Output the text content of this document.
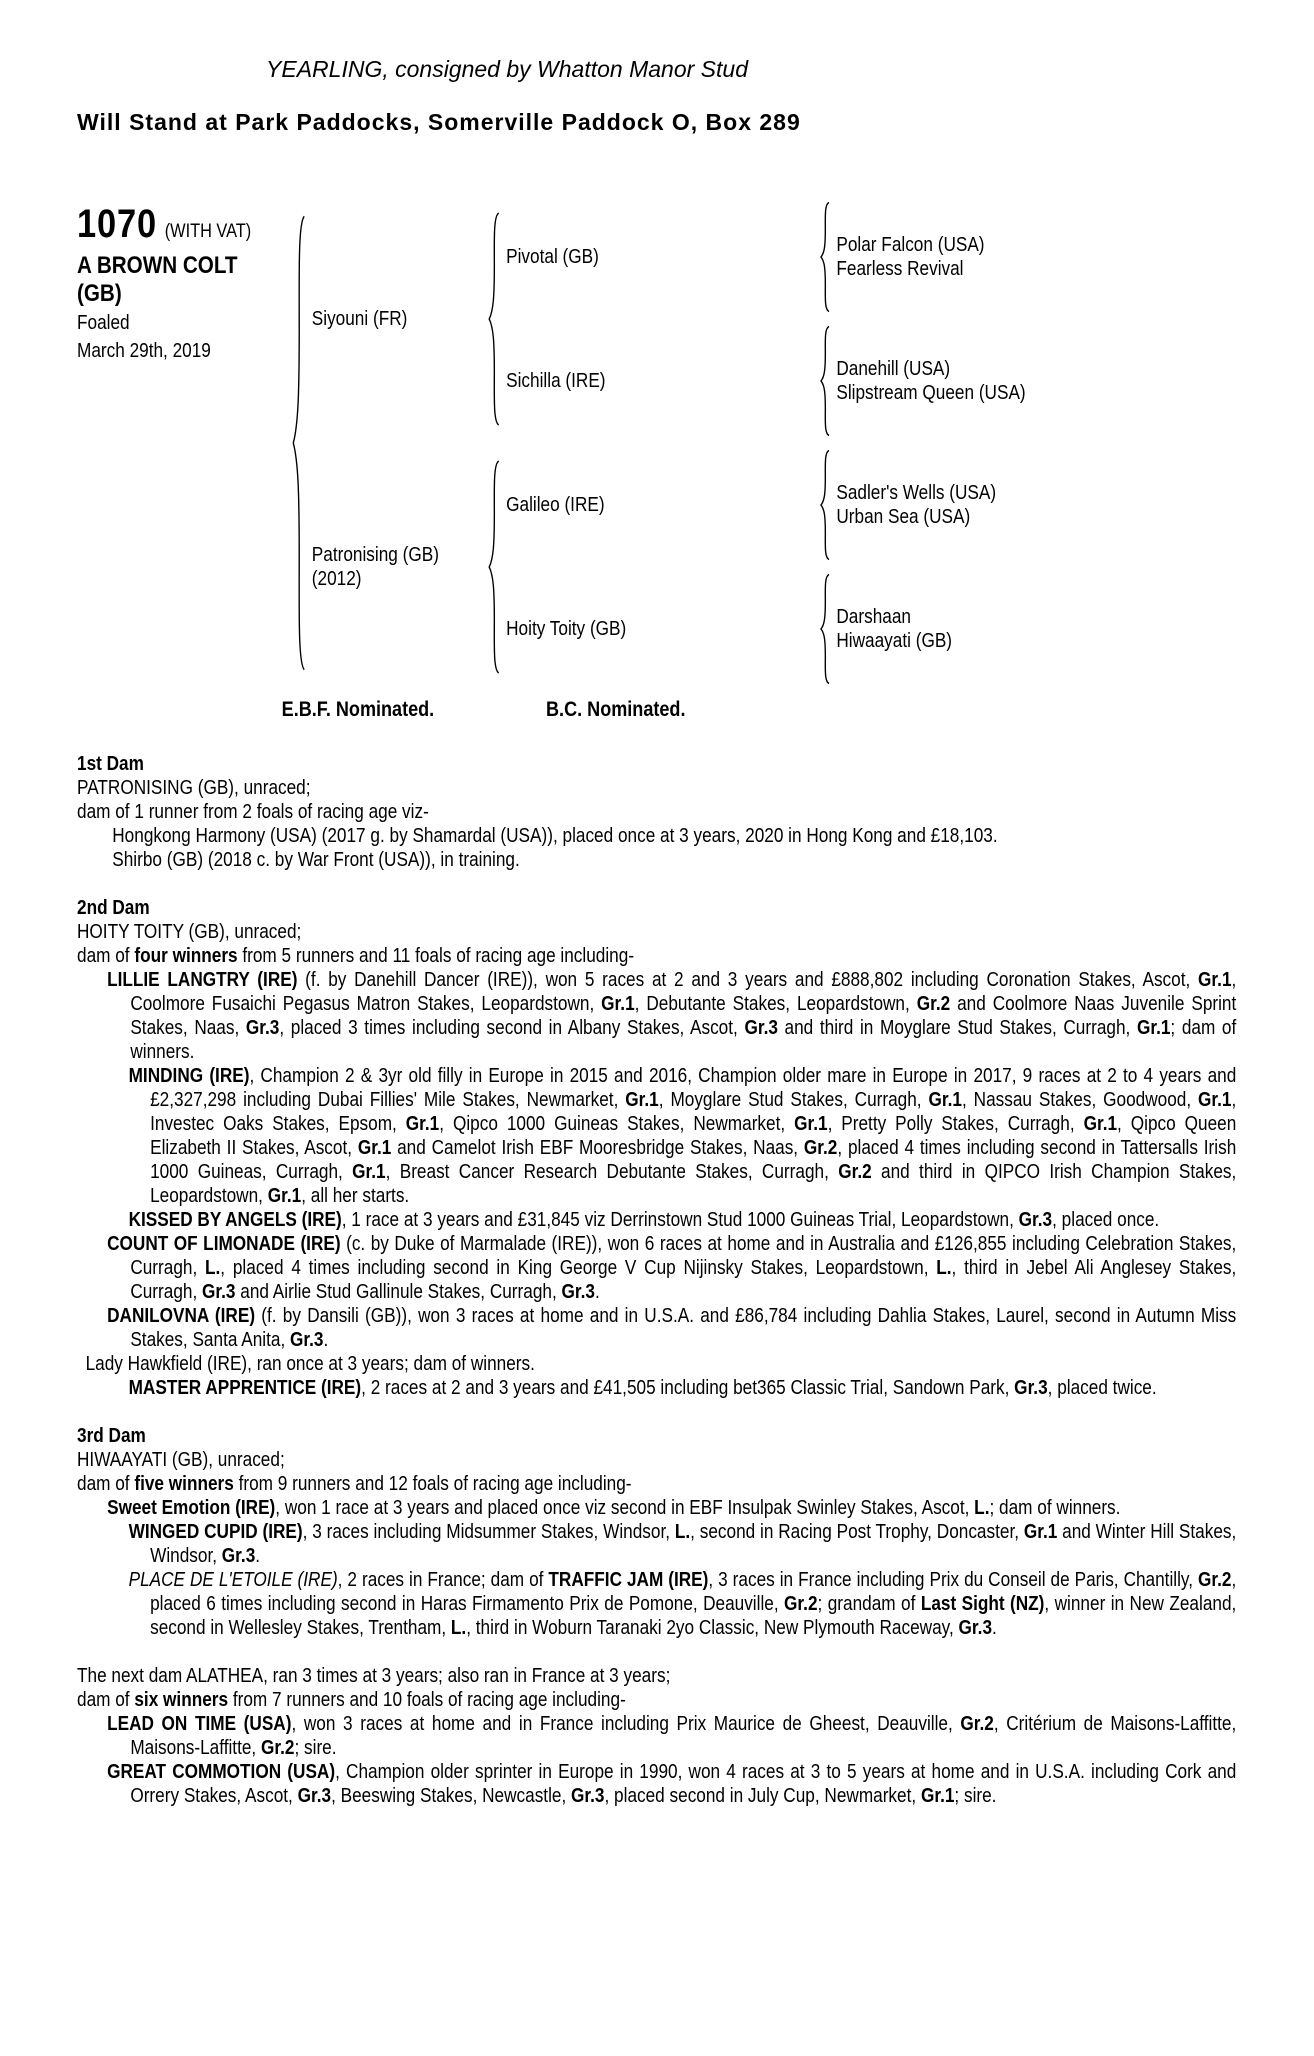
YEARLING, consigned by Whatton Manor Stud
Will Stand at Park Paddocks, Somerville Paddock O, Box 289
1070 (WITH VAT)
A BROWN COLT
(GB)
Foaled
March 29th, 2019
Siyouni (FR)
Pivotal (GB)
Polar Falcon (USA)
Fearless Revival
Sichilla (IRE)
Danehill (USA)
Slipstream Queen (USA)
Patronising (GB)
(2012)
Galileo (IRE)
Sadler's Wells (USA)
Urban Sea (USA)
Hoity Toity (GB)
Darshaan
Hiwaayati (GB)
E.B.F. Nominated.	B.C. Nominated.
1st Dam
PATRONISING (GB), unraced;
dam of 1 runner from 2 foals of racing age viz-
Hongkong Harmony (USA) (2017 g. by Shamardal (USA)), placed once at 3 years, 2020 in Hong Kong and £18,103.
Shirbo (GB) (2018 c. by War Front (USA)), in training.
2nd Dam
HOITY TOITY (GB), unraced;
dam of four winners from 5 runners and 11 foals of racing age including-
LILLIE LANGTRY (IRE) (f. by Danehill Dancer (IRE)), won 5 races at 2 and 3 years and £888,802 including Coronation Stakes, Ascot, Gr.1, Coolmore Fusaichi Pegasus Matron Stakes, Leopardstown, Gr.1, Debutante Stakes, Leopardstown, Gr.2 and Coolmore Naas Juvenile Sprint Stakes, Naas, Gr.3, placed 3 times including second in Albany Stakes, Ascot, Gr.3 and third in Moyglare Stud Stakes, Curragh, Gr.1; dam of winners.
MINDING (IRE), Champion 2 & 3yr old filly in Europe in 2015 and 2016, Champion older mare in Europe in 2017, 9 races at 2 to 4 years and £2,327,298 including Dubai Fillies' Mile Stakes, Newmarket, Gr.1, Moyglare Stud Stakes, Curragh, Gr.1, Nassau Stakes, Goodwood, Gr.1, Investec Oaks Stakes, Epsom, Gr.1, Qipco 1000 Guineas Stakes, Newmarket, Gr.1, Pretty Polly Stakes, Curragh, Gr.1, Qipco Queen Elizabeth II Stakes, Ascot, Gr.1 and Camelot Irish EBF Mooresbridge Stakes, Naas, Gr.2, placed 4 times including second in Tattersalls Irish 1000 Guineas, Curragh, Gr.1, Breast Cancer Research Debutante Stakes, Curragh, Gr.2 and third in QIPCO Irish Champion Stakes, Leopardstown, Gr.1, all her starts.
KISSED BY ANGELS (IRE), 1 race at 3 years and £31,845 viz Derrinstown Stud 1000 Guineas Trial, Leopardstown, Gr.3, placed once.
COUNT OF LIMONADE (IRE) (c. by Duke of Marmalade (IRE)), won 6 races at home and in Australia and £126,855 including Celebration Stakes, Curragh, L., placed 4 times including second in King George V Cup Nijinsky Stakes, Leopardstown, L., third in Jebel Ali Anglesey Stakes, Curragh, Gr.3 and Airlie Stud Gallinule Stakes, Curragh, Gr.3.
DANILOVNA (IRE) (f. by Dansili (GB)), won 3 races at home and in U.S.A. and £86,784 including Dahlia Stakes, Laurel, second in Autumn Miss Stakes, Santa Anita, Gr.3.
Lady Hawkfield (IRE), ran once at 3 years; dam of winners.
MASTER APPRENTICE (IRE), 2 races at 2 and 3 years and £41,505 including bet365 Classic Trial, Sandown Park, Gr.3, placed twice.
3rd Dam
HIWAAYATI (GB), unraced;
dam of five winners from 9 runners and 12 foals of racing age including-
Sweet Emotion (IRE), won 1 race at 3 years and placed once viz second in EBF Insulpak Swinley Stakes, Ascot, L.; dam of winners.
WINGED CUPID (IRE), 3 races including Midsummer Stakes, Windsor, L., second in Racing Post Trophy, Doncaster, Gr.1 and Winter Hill Stakes, Windsor, Gr.3.
PLACE DE L'ETOILE (IRE), 2 races in France; dam of TRAFFIC JAM (IRE), 3 races in France including Prix du Conseil de Paris, Chantilly, Gr.2, placed 6 times including second in Haras Firmamento Prix de Pomone, Deauville, Gr.2; grandam of Last Sight (NZ), winner in New Zealand, second in Wellesley Stakes, Trentham, L., third in Woburn Taranaki 2yo Classic, New Plymouth Raceway, Gr.3.
The next dam ALATHEA, ran 3 times at 3 years; also ran in France at 3 years;
dam of six winners from 7 runners and 10 foals of racing age including-
LEAD ON TIME (USA), won 3 races at home and in France including Prix Maurice de Gheest, Deauville, Gr.2, Critérium de Maisons-Laffitte, Maisons-Laffitte, Gr.2; sire.
GREAT COMMOTION (USA), Champion older sprinter in Europe in 1990, won 4 races at 3 to 5 years at home and in U.S.A. including Cork and Orrery Stakes, Ascot, Gr.3, Beeswing Stakes, Newcastle, Gr.3, placed second in July Cup, Newmarket, Gr.1; sire.
